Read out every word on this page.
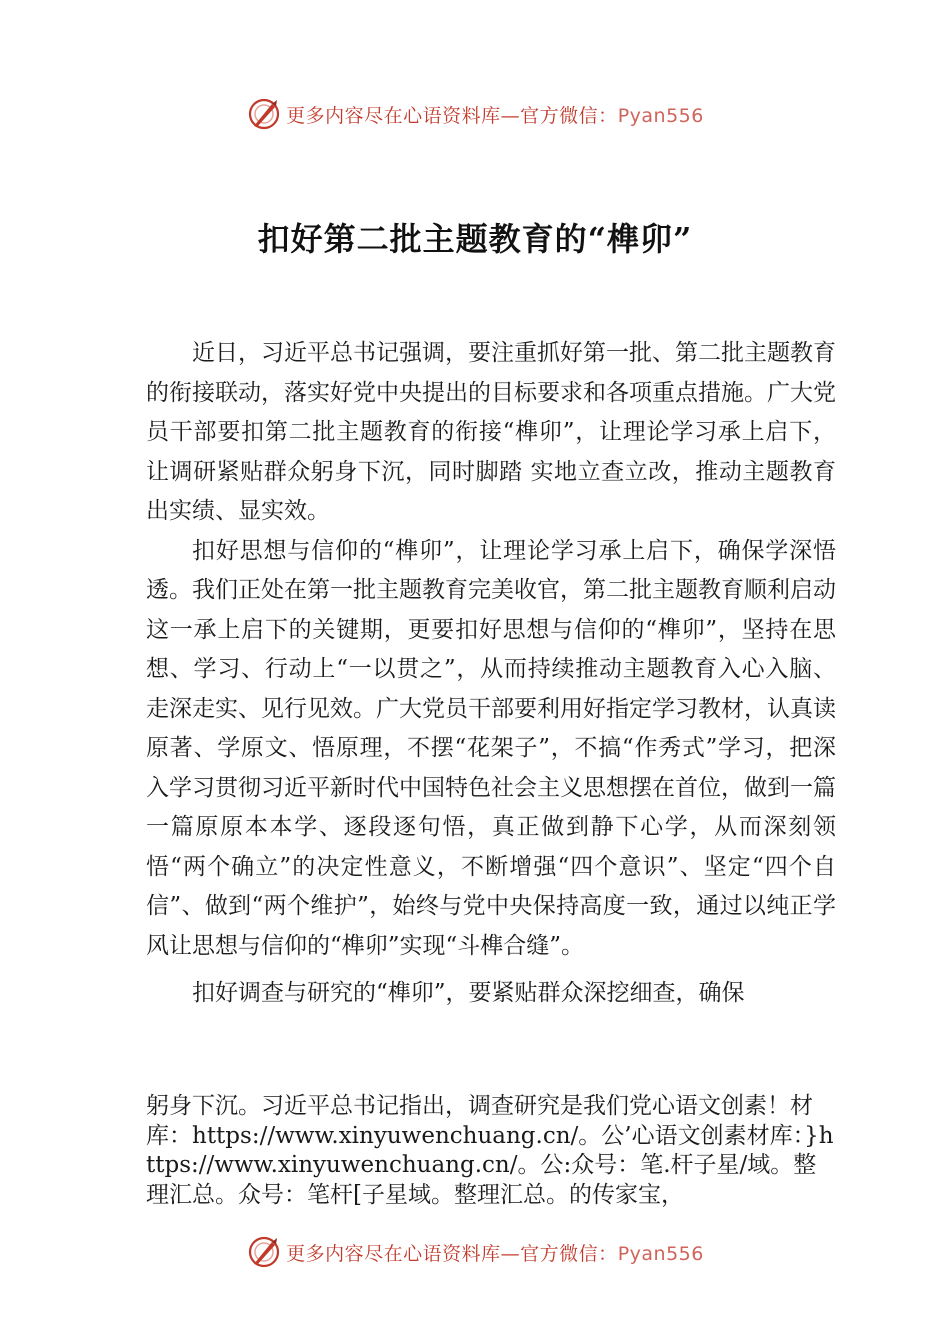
更多内容尽在心语资料库—官方微信：Pyan556
扣好第二批主题教育的“榫卯”

近日，习近平总书记强调，要注重抓好第一批、第二批主题教育的衔接联动，落实好党中央提出的目标要求和各项重点措施。广大党员干部要扣第二批主题教育的衔接“榫卯”，让理论学习承上启下，让调研紧贴群众躬身下沉，同时脚踏 实地立查立改，推动主题教育出实绩、显实效。

扣好思想与信仰的“榫卯”，让理论学习承上启下，确保学深悟透。我们正处在第一批主题教育完美收官，第二批主题教育顺利启动这一承上启下的关键期，更要扣好思想与信仰的“榫卯”，坚持在思想、学习、行动上“一以贯之”，从而持续推动主题教育入心入脑、走深走实、见行见效。广大党员干部要利用好指定学习教材，认真读原著、学原文、悟原理，不摆“花架子”，不搞“作秀式”学习，把深入学习贯彻习近平新时代中国特色社会主义思想摆在首位，做到一篇一篇原原本本学、逐段逐句悟，真正做到静下心学，从而深刻领悟“两个确立”的决定性意义，不断增强“四个意识”、坚定“四个自信”、做到“两个维护”，始终与党中央保持高度一致，通过以纯正学风让思想与信仰的“榫卯”实现“斗榫合缝”。

扣好调查与研究的“榫卯”，要紧贴群众深挖细查，确保

躬身下沉。习近平总书记指出，调查研究是我们党心语文创素！材库：https://www.xinyuwenchuang.cn/。公’心语文创素材库：}https://www.xinyuwenchuang.cn/。公:众号：笔.杆子星/域。整理汇总。众号：笔杆[子星域。整理汇总。的传家宝，
更多内容尽在心语资料库—官方微信：Pyan556
